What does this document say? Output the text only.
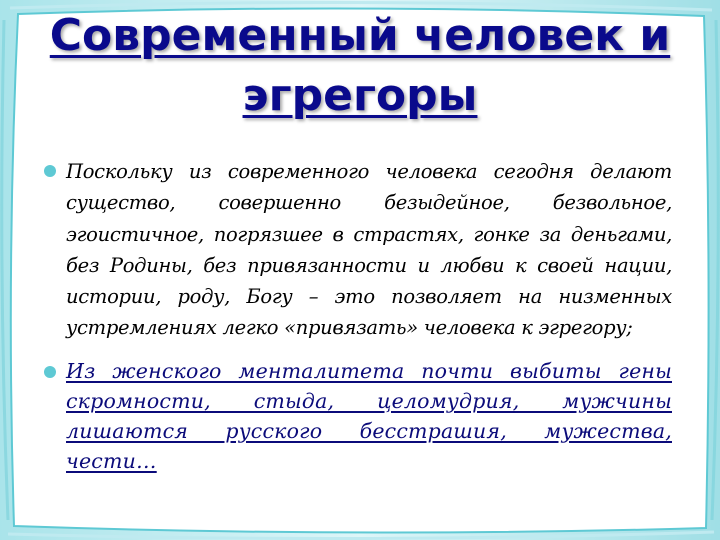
Современный человек и
эгрегоры
Поскольку из современного человека сегодня делают существо, совершенно безыдейное, безвольное, эгоистичное, погрязшее в страстях, гонке за деньгами, без Родины, без привязанности и любви к своей нации, истории, роду, Богу – это позволяет на низменных устремлениях легко «привязать» человека к эгрегору;
Из женского менталитета почти выбиты гены скромности, стыда, целомудрия, мужчины лишаются русского бесстрашия, мужества, чести…
